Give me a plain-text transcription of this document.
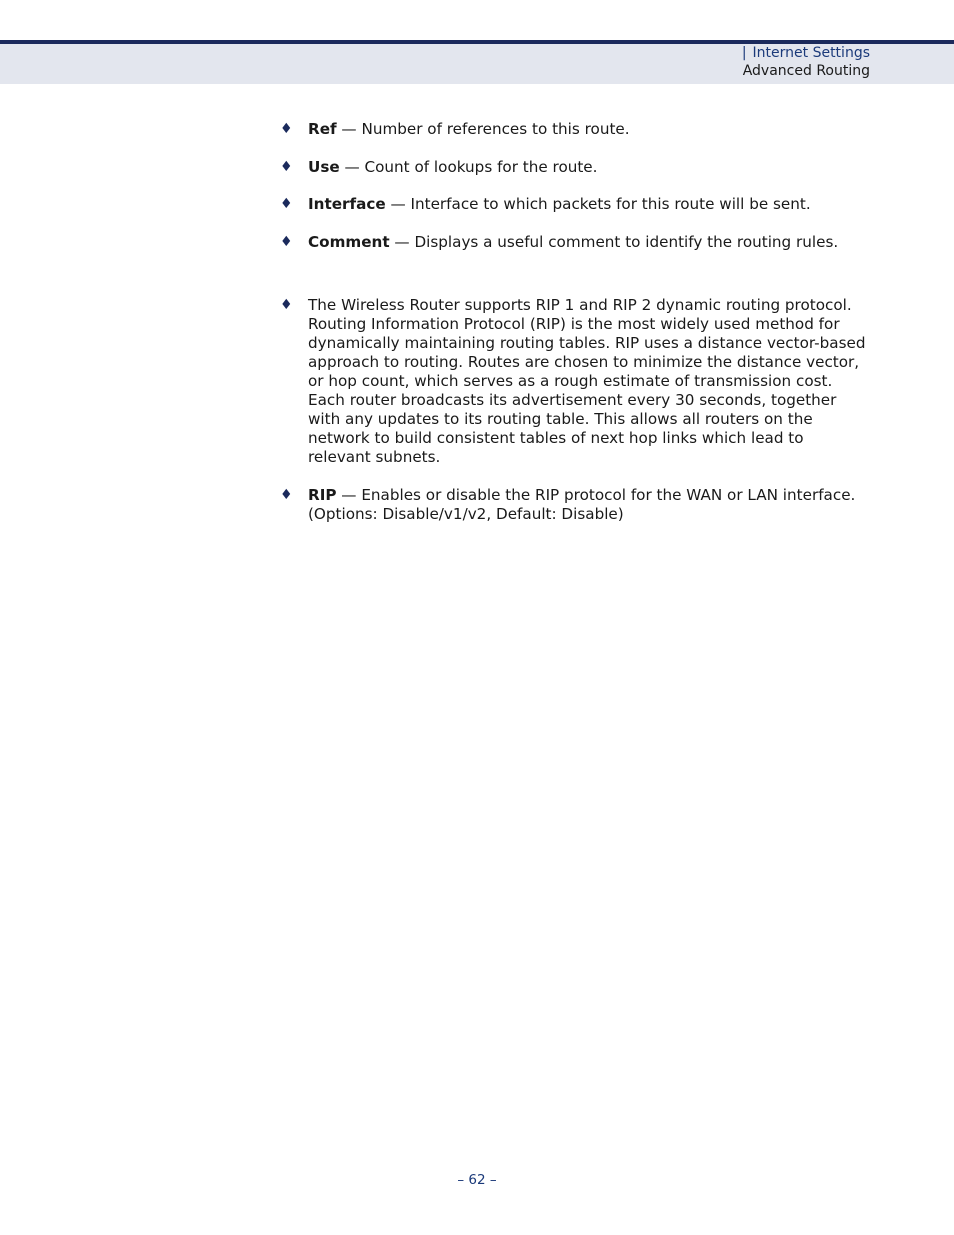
| Internet Settings
Advanced Routing
♦	Ref — Number of references to this route.
♦	Use — Count of lookups for the route.
♦	Interface — Interface to which packets for this route will be sent.
♦	Comment — Displays a useful comment to identify the routing rules.
♦	The Wireless Router supports RIP 1 and RIP 2 dynamic routing protocol. Routing Information Protocol (RIP) is the most widely used method for dynamically maintaining routing tables. RIP uses a distance vector-based approach to routing. Routes are chosen to minimize the distance vector, or hop count, which serves as a rough estimate of transmission cost. Each router broadcasts its advertisement every 30 seconds, together with any updates to its routing table. This allows all routers on the network to build consistent tables of next hop links which lead to relevant subnets.
♦	RIP — Enables or disable the RIP protocol for the WAN or LAN interface. (Options: Disable/v1/v2, Default: Disable)
– 62 –
